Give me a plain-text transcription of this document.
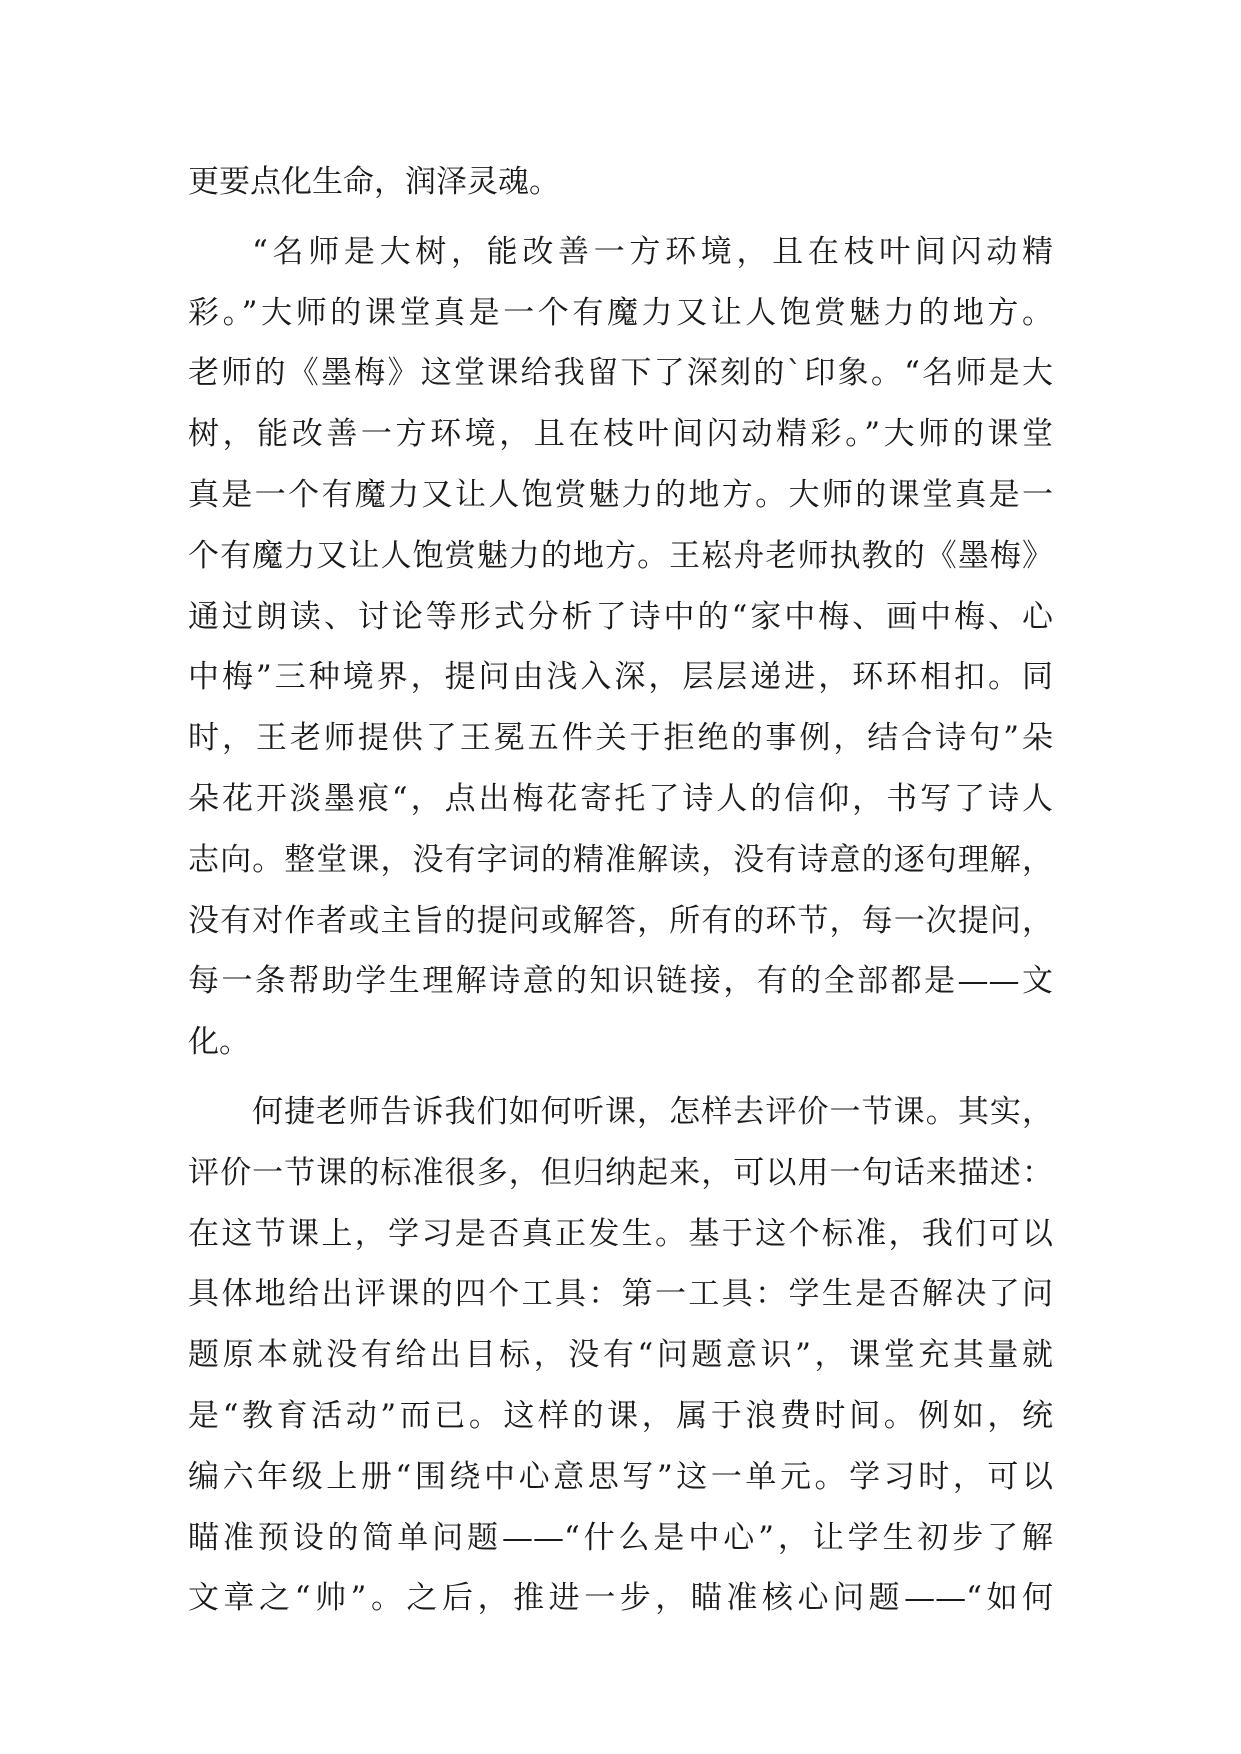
更要点化生命，润泽灵魂。
“名师是大树，能改善一方环境，且在枝叶间闪动精
彩。”大师的课堂真是一个有魔力又让人饱赏魅力的地方。
老师的《墨梅》这堂课给我留下了深刻的`印象。“名师是大
树，能改善一方环境，且在枝叶间闪动精彩。”大师的课堂
真是一个有魔力又让人饱赏魅力的地方。大师的课堂真是一
个有魔力又让人饱赏魅力的地方。王崧舟老师执教的《墨梅》
通过朗读、讨论等形式分析了诗中的“家中梅、画中梅、心
中梅”三种境界，提问由浅入深，层层递进，环环相扣。同
时，王老师提供了王冕五件关于拒绝的事例，结合诗句”朵
朵花开淡墨痕“，点出梅花寄托了诗人的信仰，书写了诗人
志向。整堂课，没有字词的精准解读，没有诗意的逐句理解，
没有对作者或主旨的提问或解答，所有的环节，每一次提问，
每一条帮助学生理解诗意的知识链接，有的全部都是——文
化。
何捷老师告诉我们如何听课，怎样去评价一节课。其实，
评价一节课的标准很多，但归纳起来，可以用一句话来描述：
在这节课上，学习是否真正发生。基于这个标准，我们可以
具体地给出评课的四个工具：第一工具：学生是否解决了问
题原本就没有给出目标，没有“问题意识”，课堂充其量就
是“教育活动”而已。这样的课，属于浪费时间。例如，统
编六年级上册“围绕中心意思写”这一单元。学习时，可以
瞄准预设的简单问题——“什么是中心”，让学生初步了解
文章之“帅”。之后，推进一步，瞄准核心问题——“如何
